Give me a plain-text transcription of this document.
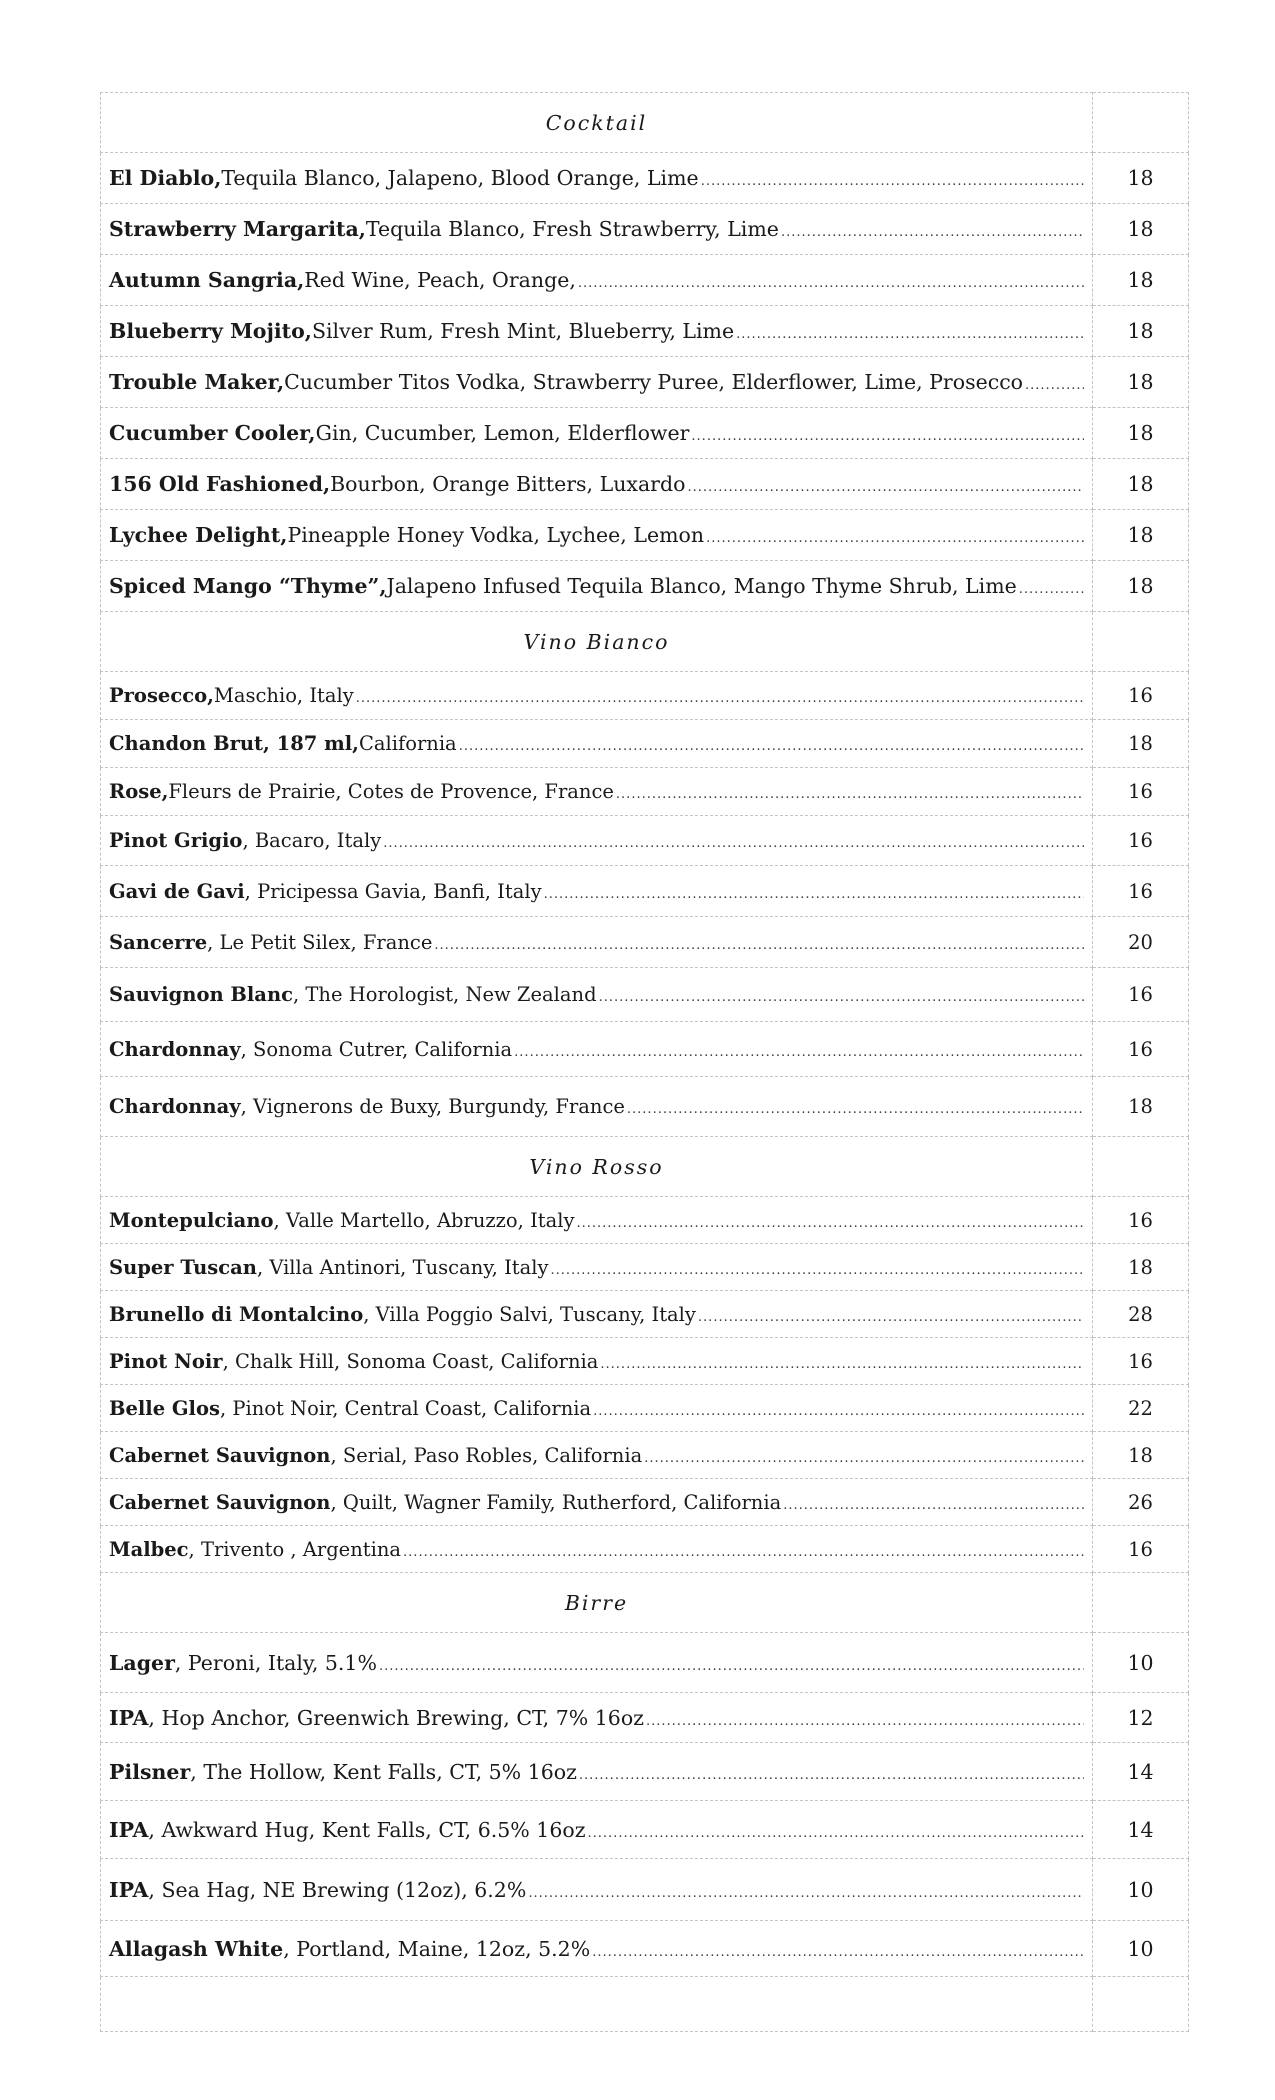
Cocktail	

El Diablo, Tequila Blanco, Jalapeno, Blood Orange, Lime
.....	18

Strawberry Margarita, Tequila Blanco, Fresh Strawberry, Lime
.....	18

Autumn Sangria, Red Wine, Peach, Orange,
.....	18

Blueberry Mojito, Silver Rum, Fresh Mint, Blueberry, Lime
.....	18

Trouble Maker, Cucumber Titos Vodka, Strawberry Puree, Elderflower, Lime, Prosecco
.....	18

Cucumber Cooler, Gin, Cucumber, Lemon, Elderflower
.....	18

156 Old Fashioned, Bourbon, Orange Bitters, Luxardo
.....	18

Lychee Delight, Pineapple Honey Vodka, Lychee, Lemon
.....	18

Spiced Mango “Thyme”, Jalapeno Infused Tequila Blanco, Mango Thyme Shrub, Lime
.....	18
Vino Bianco	

Prosecco, Maschio, Italy
.....	16

Chandon Brut, 187 ml, California
.....	18

Rose, Fleurs de Prairie, Cotes de Provence, France
.....	16

Pinot Grigio , Bacaro, Italy
.....	16

Gavi de Gavi , Pricipessa Gavia, Banfi, Italy
.....	16

Sancerre , Le Petit Silex, France
.....	20

Sauvignon Blanc , The Horologist, New Zealand
.....	16

Chardonnay , Sonoma Cutrer, California
.....	16

Chardonnay , Vignerons de Buxy, Burgundy, France
.....	18
Vino Rosso	

Montepulciano , Valle Martello, Abruzzo, Italy
.....	16

Super Tuscan , Villa Antinori, Tuscany, Italy
.....	18

Brunello di Montalcino , Villa Poggio Salvi, Tuscany, Italy
.....	28

Pinot Noir , Chalk Hill, Sonoma Coast, California
.....	16

Belle Glos , Pinot Noir, Central Coast, California
.....	22

Cabernet Sauvignon , Serial, Paso Robles, California
.....	18

Cabernet Sauvignon , Quilt, Wagner Family, Rutherford, California
.....	26

Malbec , Trivento , Argentina
.....	16
Birre	

Lager , Peroni, Italy, 5.1%
.....	10

IPA , Hop Anchor, Greenwich Brewing, CT, 7% 16oz
.....	12

Pilsner , The Hollow, Kent Falls, CT, 5% 16oz
.....	14

IPA , Awkward Hug, Kent Falls, CT, 6.5% 16oz
.....	14

IPA , Sea Hag, NE Brewing (12oz), 6.2%
.....	10

Allagash White , Portland, Maine, 12oz, 5.2%
.....	10
